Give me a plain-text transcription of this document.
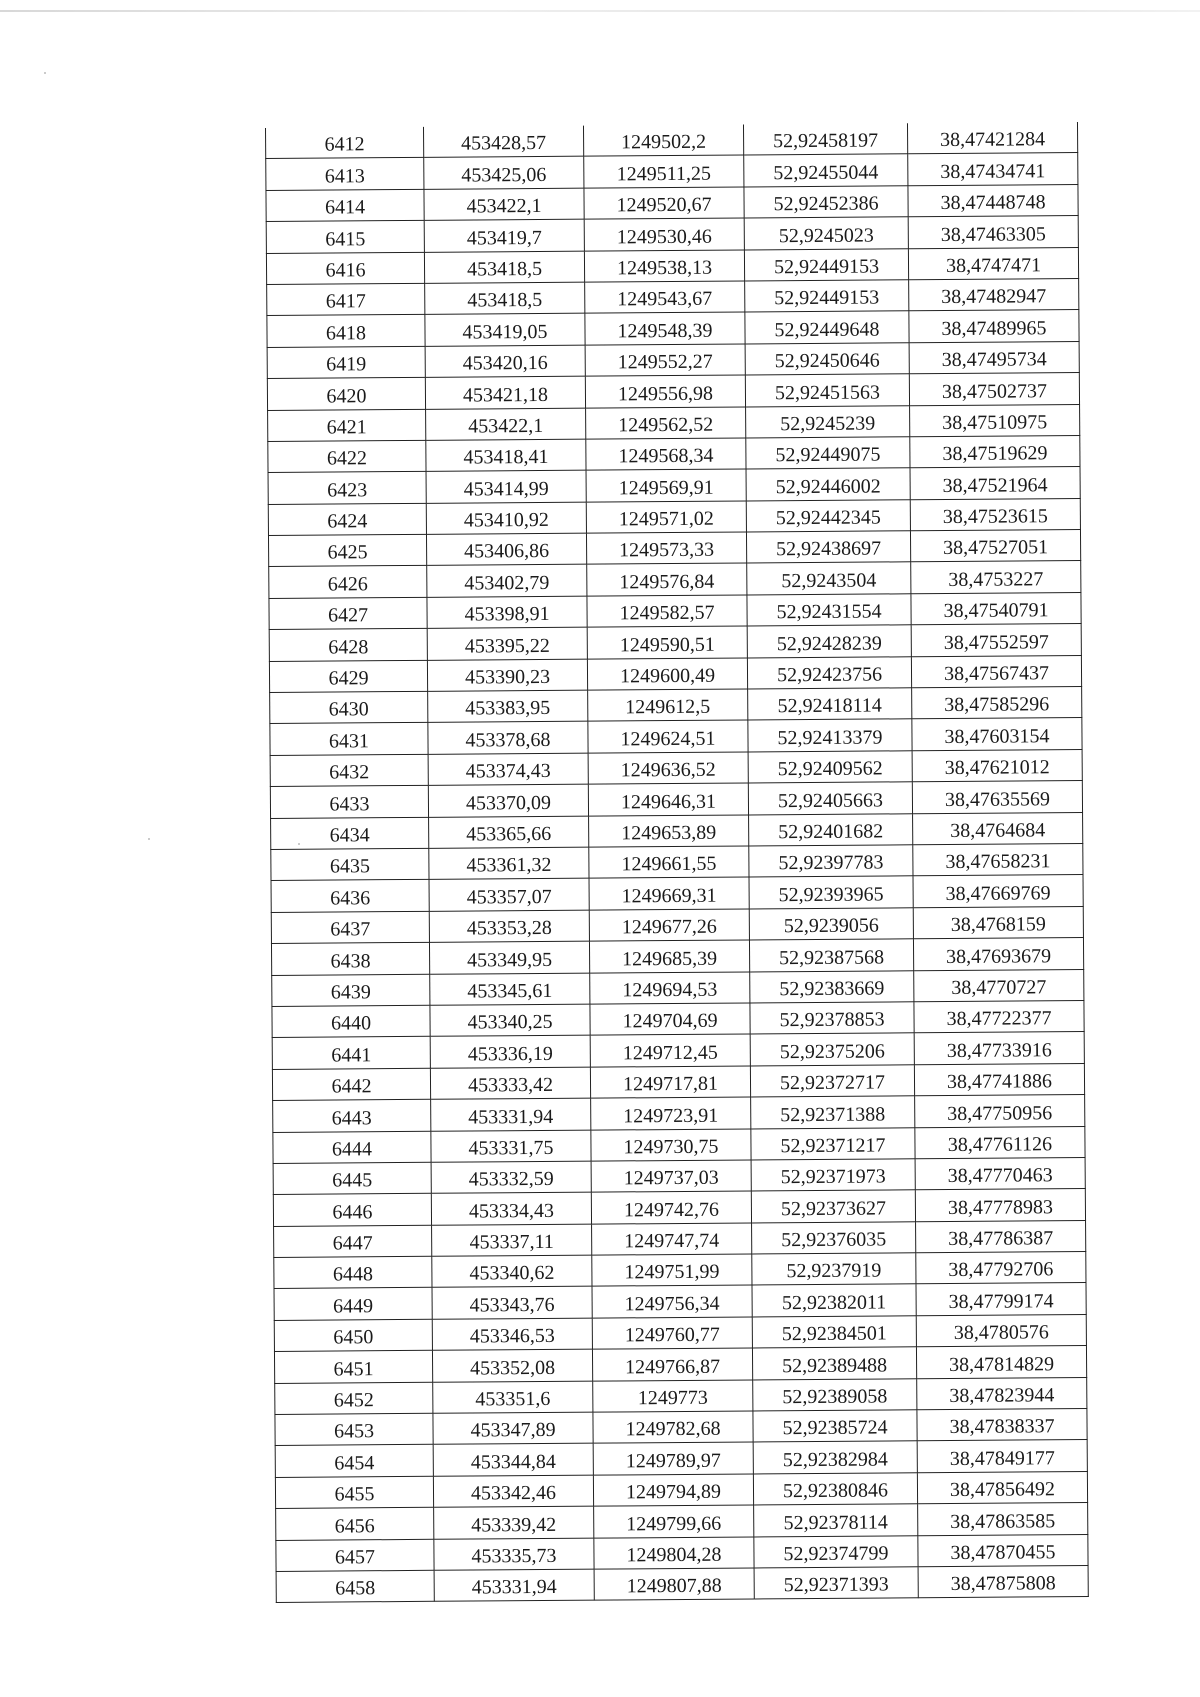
6412	453428,57	1249502,2	52,92458197	38,47421284
6413	453425,06	1249511,25	52,92455044	38,47434741
6414	453422,1	1249520,67	52,92452386	38,47448748
6415	453419,7	1249530,46	52,9245023	38,47463305
6416	453418,5	1249538,13	52,92449153	38,4747471
6417	453418,5	1249543,67	52,92449153	38,47482947
6418	453419,05	1249548,39	52,92449648	38,47489965
6419	453420,16	1249552,27	52,92450646	38,47495734
6420	453421,18	1249556,98	52,92451563	38,47502737
6421	453422,1	1249562,52	52,9245239	38,47510975
6422	453418,41	1249568,34	52,92449075	38,47519629
6423	453414,99	1249569,91	52,92446002	38,47521964
6424	453410,92	1249571,02	52,92442345	38,47523615
6425	453406,86	1249573,33	52,92438697	38,47527051
6426	453402,79	1249576,84	52,9243504	38,4753227
6427	453398,91	1249582,57	52,92431554	38,47540791
6428	453395,22	1249590,51	52,92428239	38,47552597
6429	453390,23	1249600,49	52,92423756	38,47567437
6430	453383,95	1249612,5	52,92418114	38,47585296
6431	453378,68	1249624,51	52,92413379	38,47603154
6432	453374,43	1249636,52	52,92409562	38,47621012
6433	453370,09	1249646,31	52,92405663	38,47635569
6434	453365,66	1249653,89	52,92401682	38,4764684
6435	453361,32	1249661,55	52,92397783	38,47658231
6436	453357,07	1249669,31	52,92393965	38,47669769
6437	453353,28	1249677,26	52,9239056	38,4768159
6438	453349,95	1249685,39	52,92387568	38,47693679
6439	453345,61	1249694,53	52,92383669	38,4770727
6440	453340,25	1249704,69	52,92378853	38,47722377
6441	453336,19	1249712,45	52,92375206	38,47733916
6442	453333,42	1249717,81	52,92372717	38,47741886
6443	453331,94	1249723,91	52,92371388	38,47750956
6444	453331,75	1249730,75	52,92371217	38,47761126
6445	453332,59	1249737,03	52,92371973	38,47770463
6446	453334,43	1249742,76	52,92373627	38,47778983
6447	453337,11	1249747,74	52,92376035	38,47786387
6448	453340,62	1249751,99	52,9237919	38,47792706
6449	453343,76	1249756,34	52,92382011	38,47799174
6450	453346,53	1249760,77	52,92384501	38,4780576
6451	453352,08	1249766,87	52,92389488	38,47814829
6452	453351,6	1249773	52,92389058	38,47823944
6453	453347,89	1249782,68	52,92385724	38,47838337
6454	453344,84	1249789,97	52,92382984	38,47849177
6455	453342,46	1249794,89	52,92380846	38,47856492
6456	453339,42	1249799,66	52,92378114	38,47863585
6457	453335,73	1249804,28	52,92374799	38,47870455
6458	453331,94	1249807,88	52,92371393	38,47875808
